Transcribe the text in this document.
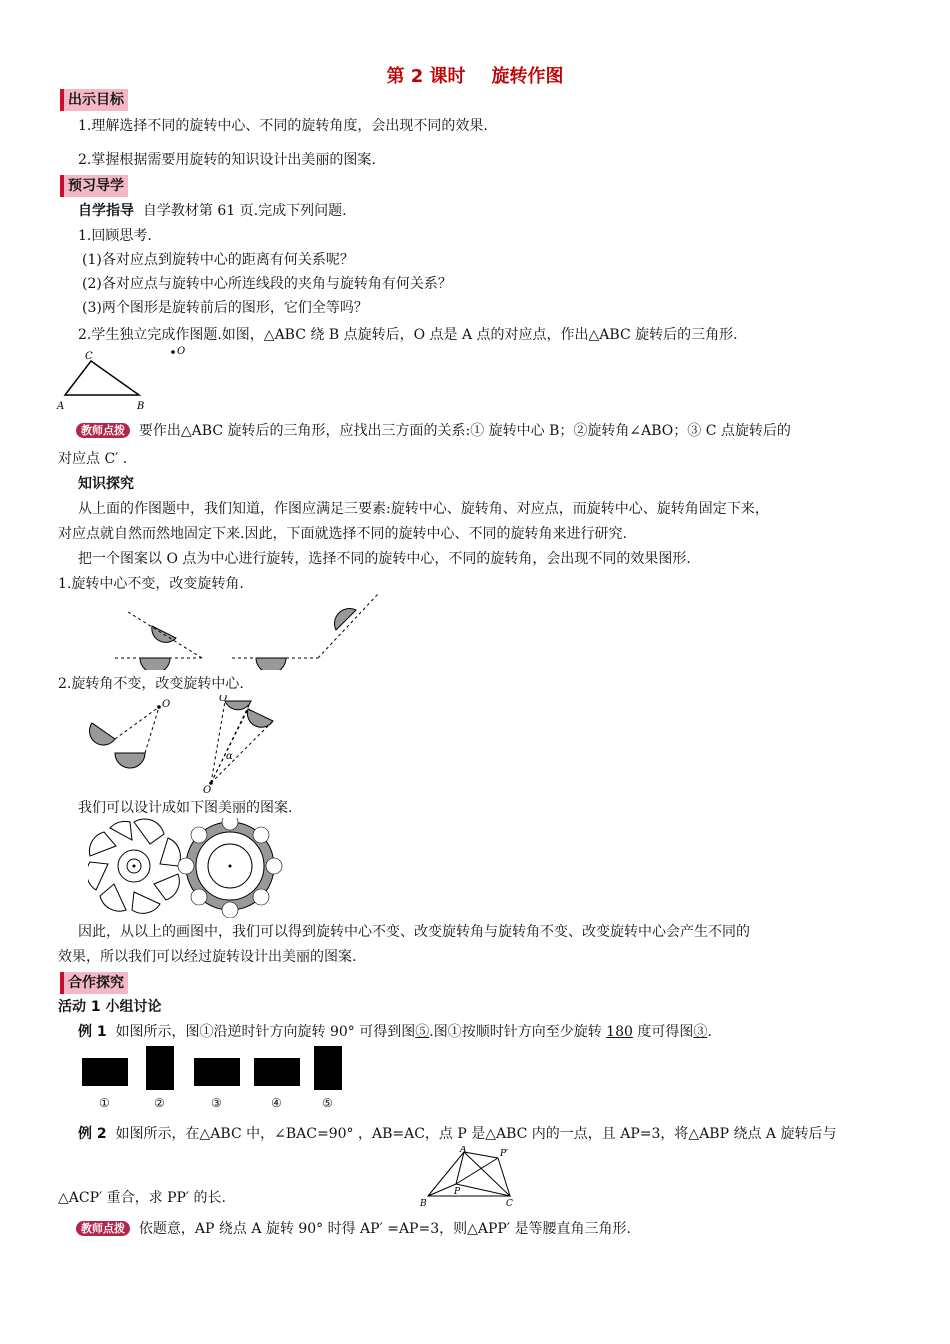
第 2 课时 旋转作图
出示目标
1.理解选择不同的旋转中心、不同的旋转角度，会出现不同的效果.
2.掌握根据需要用旋转的知识设计出美丽的图案.
预习导学
自学指导 自学教材第 61 页.完成下列问题.
1.回顾思考.
(1)各对应点到旋转中心的距离有何关系呢？
(2)各对应点与旋转中心所连线段的夹角与旋转角有何关系？
(3)两个图形是旋转前后的图形，它们全等吗？
2.学生独立完成作图题.如图，△ABC 绕 B 点旋转后，O 点是 A 点的对应点，作出△ABC 旋转后的三角形.
C	O
A	B
教师点拨 要作出△ABC 旋转后的三角形，应找出三方面的关系:① 旋转中心 B；②旋转角∠ABO；③ C 点旋转后的
对应点 C′ .
知识探究
从上面的作图题中，我们知道，作图应满足三要素:旋转中心、旋转角、对应点，而旋转中心、旋转角固定下来，
对应点就自然而然地固定下来.因此，下面就选择不同的旋转中心、不同的旋转角来进行研究.
把一个图案以 O 点为中心进行旋转，选择不同的旋转中心，不同的旋转角，会出现不同的效果图形.
1.旋转中心不变，改变旋转角.
2.旋转角不变，改变旋转中心.
O
O
O
α
我们可以设计成如下图美丽的图案.
因此，从以上的画图中，我们可以得到旋转中心不变、改变旋转角与旋转角不变、改变旋转中心会产生不同的
效果，所以我们可以经过旋转设计出美丽的图案.
合作探究
活动 1 小组讨论
例 1 如图所示，图①沿逆时针方向旋转 90° 可得到图⑤.图①按顺时针方向至少旋转 180 度可得图③.
①	②	③	④	⑤
例 2 如图所示，在△ABC 中，∠BAC=90° ，AB=AC，点 P 是△ABC 内的一点，且 AP=3，将△ABP 绕点 A 旋转后与
A	P′
P
B	C
△ACP′ 重合，求 PP′ 的长.
教师点拨 依题意，AP 绕点 A 旋转 90° 时得 AP′ =AP=3，则△APP′ 是等腰直角三角形.
